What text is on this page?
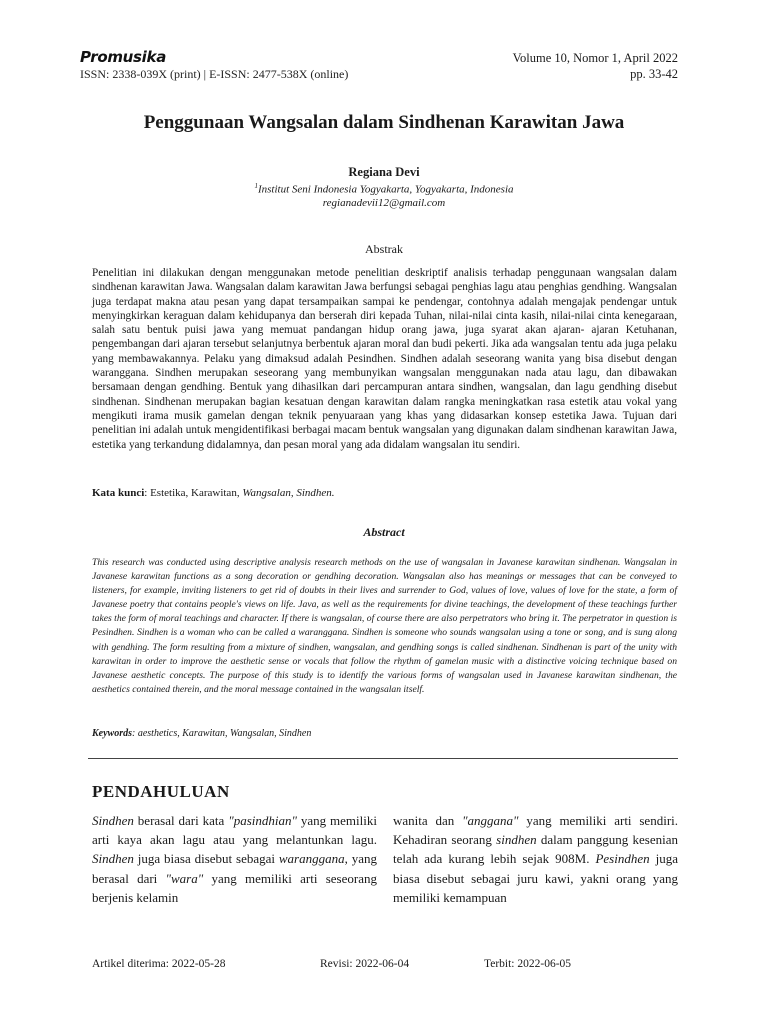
Promusika
ISSN: 2338-039X (print) | E-ISSN: 2477-538X (online)
Volume 10, Nomor 1, April 2022
pp. 33-42
Penggunaan Wangsalan dalam Sindhenan Karawitan Jawa
Regiana Devi
$^1$Institut Seni Indonesia Yogyakarta, Yogyakarta, Indonesia
regianadevii12@gmail.com
Abstrak

Penelitian ini dilakukan dengan menggunakan metode penelitian deskriptif analisis terhadap penggunaan wangsalan dalam sindhenan karawitan Jawa. Wangsalan dalam karawitan Jawa berfungsi sebagai penghias lagu atau penghias gendhing. Wangsalan juga terdapat makna atau pesan yang dapat tersampaikan sampai ke pendengar, contohnya adalah mengajak pendengar untuk menyingkirkan keraguan dalam kehidupanya dan berserah diri kepada Tuhan, nilai-nilai cinta kasih, nilai-nilai cinta kenegaraan, salah satu bentuk puisi jawa yang memuat pandangan hidup orang jawa, juga syarat akan ajaran- ajaran Ketuhanan, pengembangan dari ajaran tersebut selanjutnya berbentuk ajaran moral dan budi pekerti. Jika ada wangsalan tentu ada juga pelaku yang membawakannya. Pelaku yang dimaksud adalah Pesindhen. Sindhen adalah seseorang wanita yang bisa disebut dengan waranggana. Sindhen merupakan seseorang yang membunyikan wangsalan menggunakan nada atau lagu, dan dibawakan bersamaan dengan gendhing. Bentuk yang dihasilkan dari percampuran antara sindhen, wangsalan, dan lagu gendhing disebut sindhenan. Sindhenan merupakan bagian kesatuan dengan karawitan dalam rangka meningkatkan rasa estetik atau vokal yang mengikuti irama musik gamelan dengan teknik penyuaraan yang khas yang didasarkan konsep estetika Jawa. Tujuan dari penelitian ini adalah untuk mengidentifikasi berbagai macam bentuk wangsalan yang digunakan dalam sindhenan karawitan Jawa, estetika yang terkandung didalamnya, dan pesan moral yang ada didalam wangsalan itu sendiri.

Kata kunci: Estetika, Karawitan, Wangsalan, Sindhen.
Abstract

This research was conducted using descriptive analysis research methods on the use of wangsalan in Javanese karawitan sindhenan. Wangsalan in Javanese karawitan functions as a song decoration or gendhing decoration. Wangsalan also has meanings or messages that can be conveyed to listeners, for example, inviting listeners to get rid of doubts in their lives and surrender to God, values of love, values of love for the state, a form of Javanese poetry that contains people's views on life. Java, as well as the requirements for divine teachings, the development of these teachings further takes the form of moral teachings and character. If there is wangsalan, of course there are also perpetrators who bring it. The perpetrator in question is Pesindhen. Sindhen is a woman who can be called a waranggana. Sindhen is someone who sounds wangsalan using a tone or song, and is sung along with gendhing. The form resulting from a mixture of sindhen, wangsalan, and gendhing songs is called sindhenan. Sindhenan is part of the unity with karawitan in order to improve the aesthetic sense or vocals that follow the rhythm of gamelan music with a distinctive voicing technique based on Javanese aesthetic concepts. The purpose of this study is to identify the various forms of wangsalan used in Javanese karawitan sindhenan, the aesthetics contained therein, and the moral message contained in the wangsalan itself.

Keywords: aesthetics, Karawitan, Wangsalan, Sindhen
PENDAHULUAN

Sindhen berasal dari kata "pasindhian" yang memiliki arti kaya akan lagu atau yang melantunkan lagu. Sindhen juga biasa disebut sebagai waranggana, yang berasal dari "wara" yang memiliki arti seseorang berjenis kelamin

wanita dan "anggana" yang memiliki arti sendiri. Kehadiran seorang sindhen dalam panggung kesenian telah ada kurang lebih sejak 908M. Pesindhen juga biasa disebut sebagai juru kawi, yakni orang yang memiliki kemampuan

Artikel diterima: 2022-05-28	Revisi: 2022-06-04	Terbit: 2022-06-05
